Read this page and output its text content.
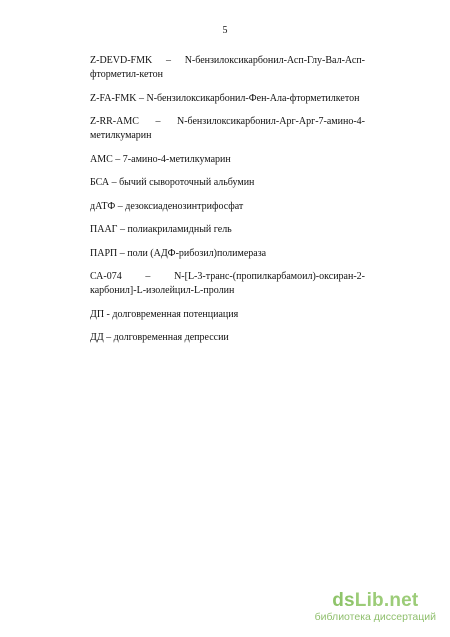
5

Z-DEVD-FMK – N-бензилоксикарбонил-Асп-Глу-Вал-Асп-фторметил-кетон

Z-FA-FMK – N-бензилоксикарбонил-Фен-Ала-фторметилкетон

Z-RR-AMC – N-бензилоксикарбонил-Арг-Арг-7-амино-4-метилкумарин

АМС – 7-амино-4-метилкумарин

БСА – бычий сывороточный альбумин

дАТФ – дезоксиаденозинтрифосфат

ПААГ – полиакриламидный гель

ПАРП – поли (АДФ-рибозил)полимераза

СА-074 – N-[L-3-транс-(пропилкарбамоил)-оксиран-2-карбонил]-L-изолейцил-L-пролин

ДП - долговременная потенциация

ДД – долговременная депрессии

dsLib.net
библиотека диссертаций
